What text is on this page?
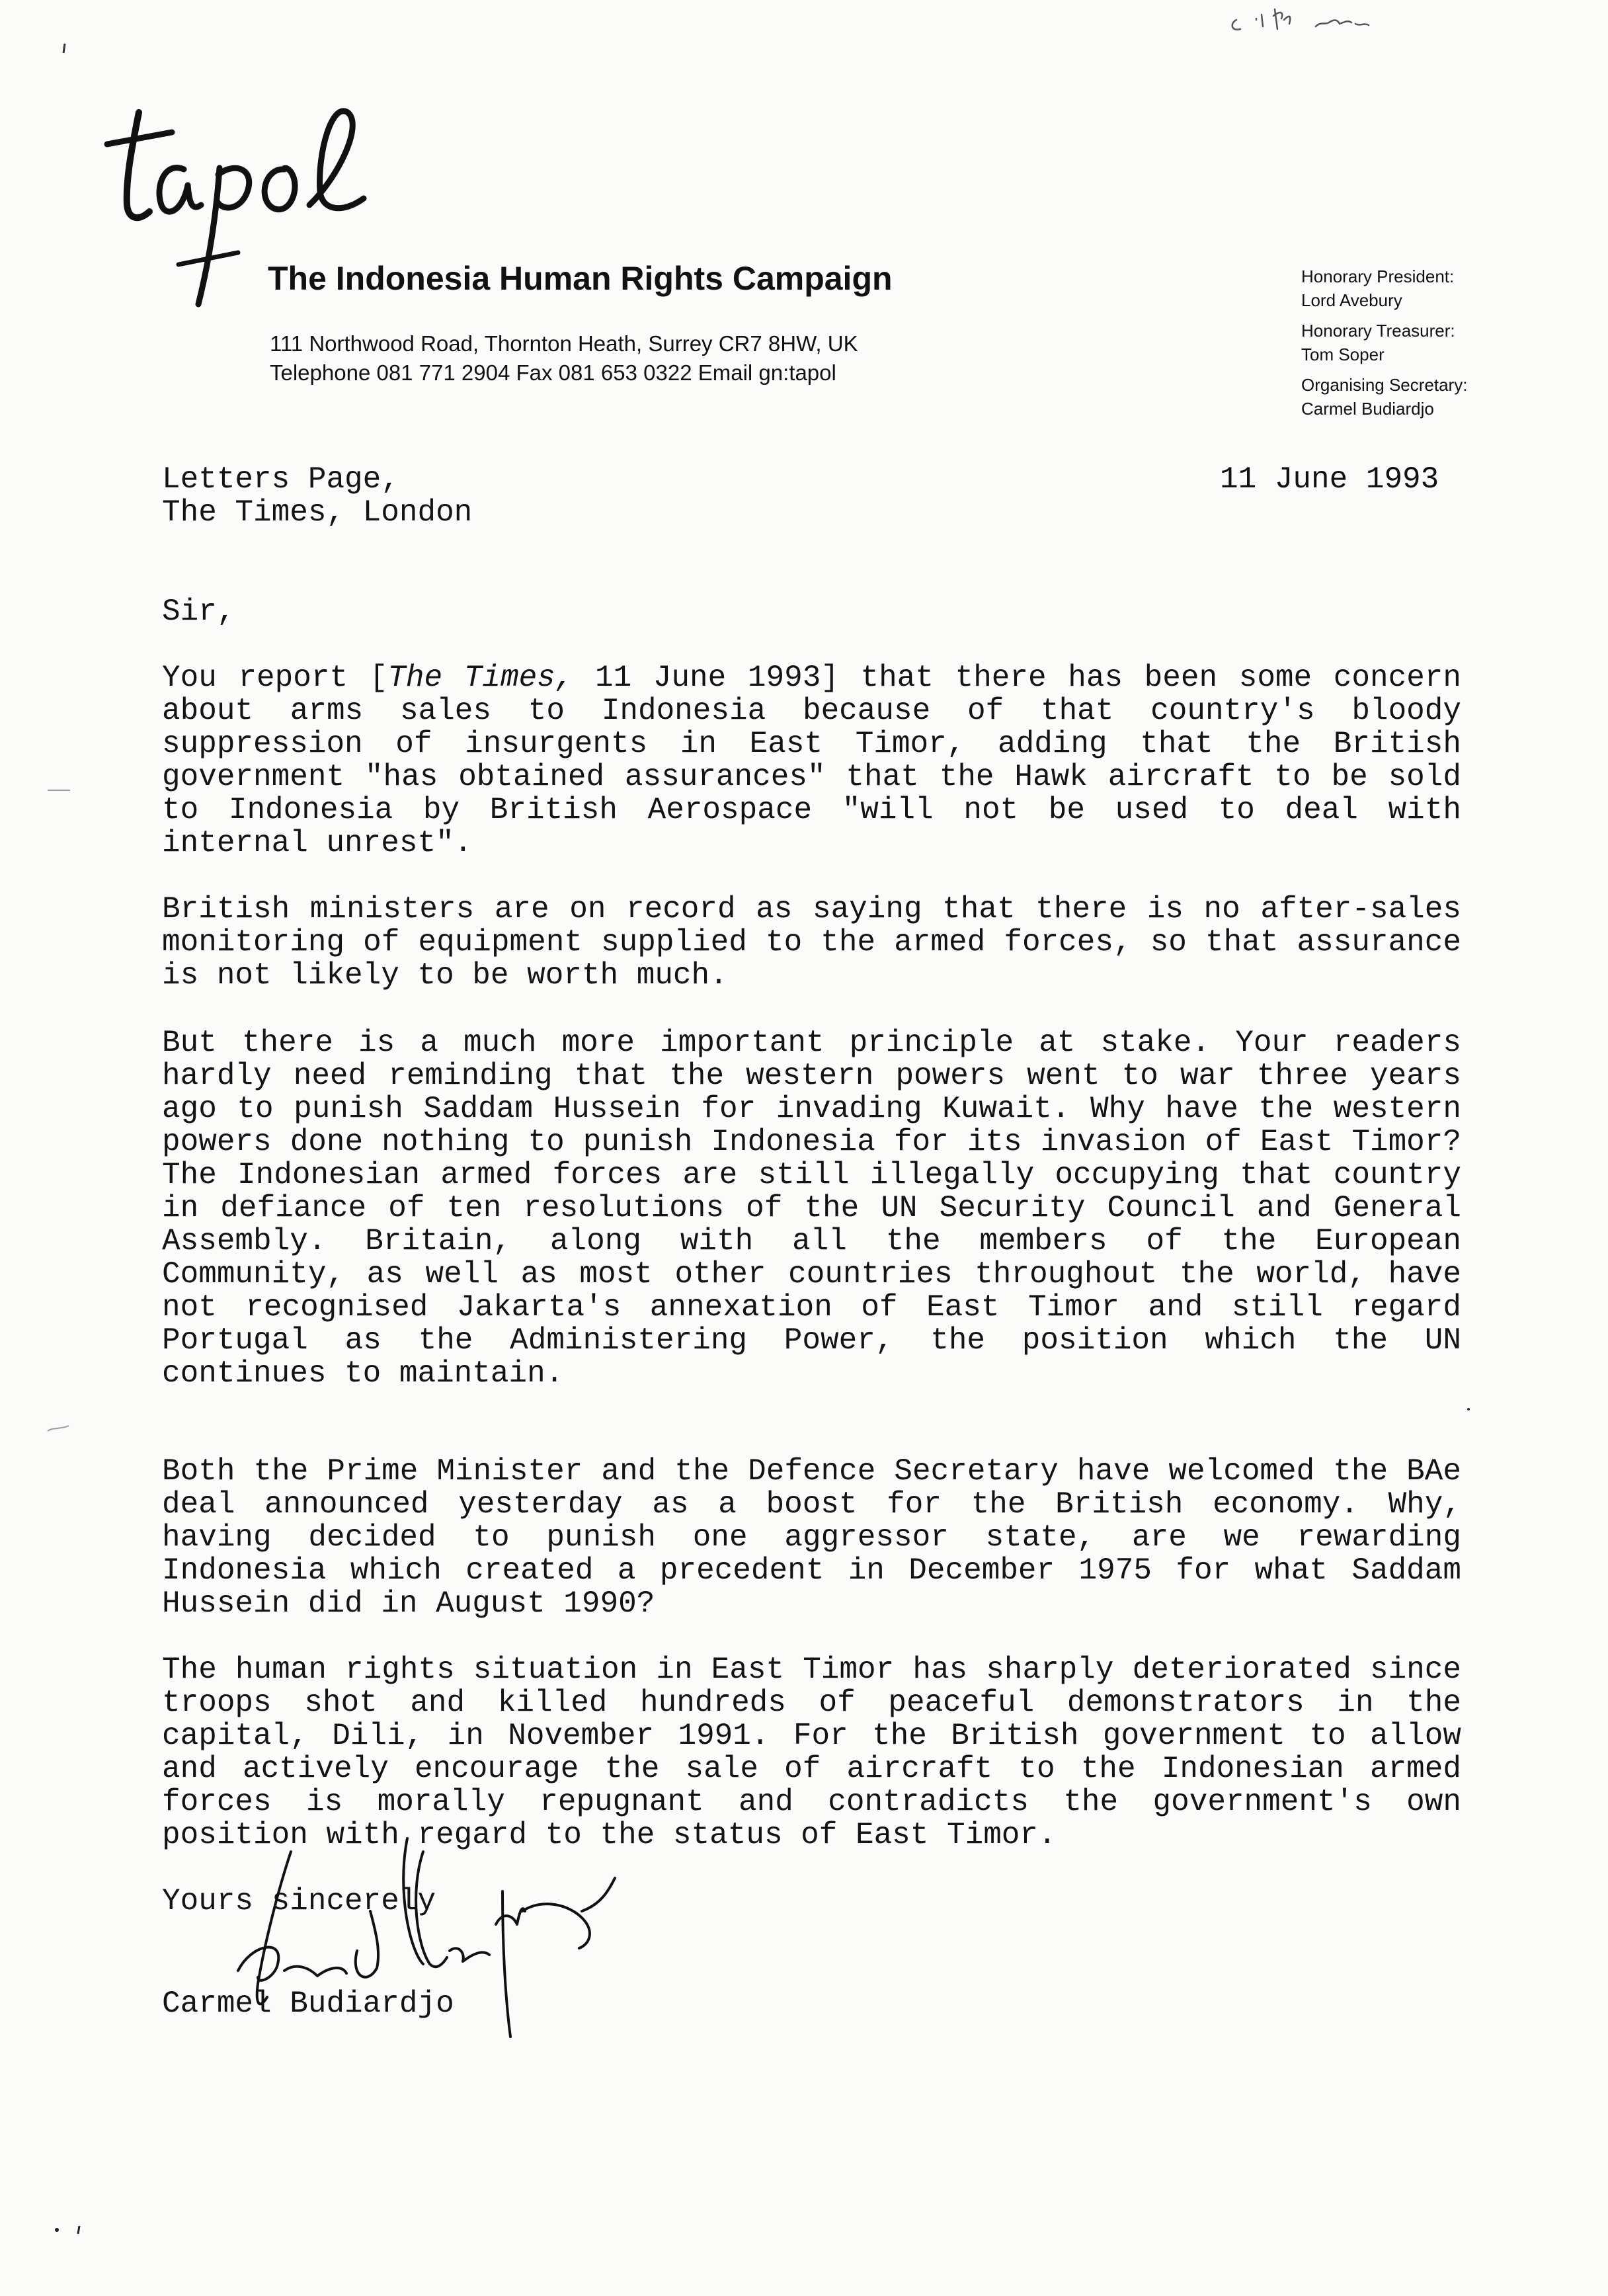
tapol
The Indonesia Human Rights Campaign
111 Northwood Road, Thornton Heath, Surrey CR7 8HW, UK
Telephone 081 771 2904 Fax 081 653 0322 Email gn:tapol
Honorary President:
Lord Avebury
Honorary Treasurer:
Tom Soper
Organising Secretary:
Carmel Budiardjo
Letters Page,
The Times, London
11 June 1993
Sir,

You report [The Times, 11 June 1993] that there has been some concern about arms sales to Indonesia because of that country's bloody suppression of insurgents in East Timor, adding that the British government "has obtained assurances" that the Hawk aircraft to be sold to Indonesia by British Aerospace "will not be used to deal with internal unrest".

British ministers are on record as saying that there is no after-sales monitoring of equipment supplied to the armed forces, so that assurance is not likely to be worth much.

But there is a much more important principle at stake. Your readers hardly need reminding that the western powers went to war three years ago to punish Saddam Hussein for invading Kuwait. Why have the western powers done nothing to punish Indonesia for its invasion of East Timor? The Indonesian armed forces are still illegally occupying that country in defiance of ten resolutions of the UN Security Council and General Assembly. Britain, along with all the members of the European Community, as well as most other countries throughout the world, have not recognised Jakarta's annexation of East Timor and still regard Portugal as the Administering Power, the position which the UN continues to maintain.

Both the Prime Minister and the Defence Secretary have welcomed the BAe deal announced yesterday as a boost for the British economy. Why, having decided to punish one aggressor state, are we rewarding Indonesia which created a precedent in December 1975 for what Saddam Hussein did in August 1990?

The human rights situation in East Timor has sharply deteriorated since troops shot and killed hundreds of peaceful demonstrators in the capital, Dili, in November 1991. For the British government to allow and actively encourage the sale of aircraft to the Indonesian armed forces is morally repugnant and contradicts the government's own position with regard to the status of East Timor.

Yours sincerely
Carmel Budiardjo
